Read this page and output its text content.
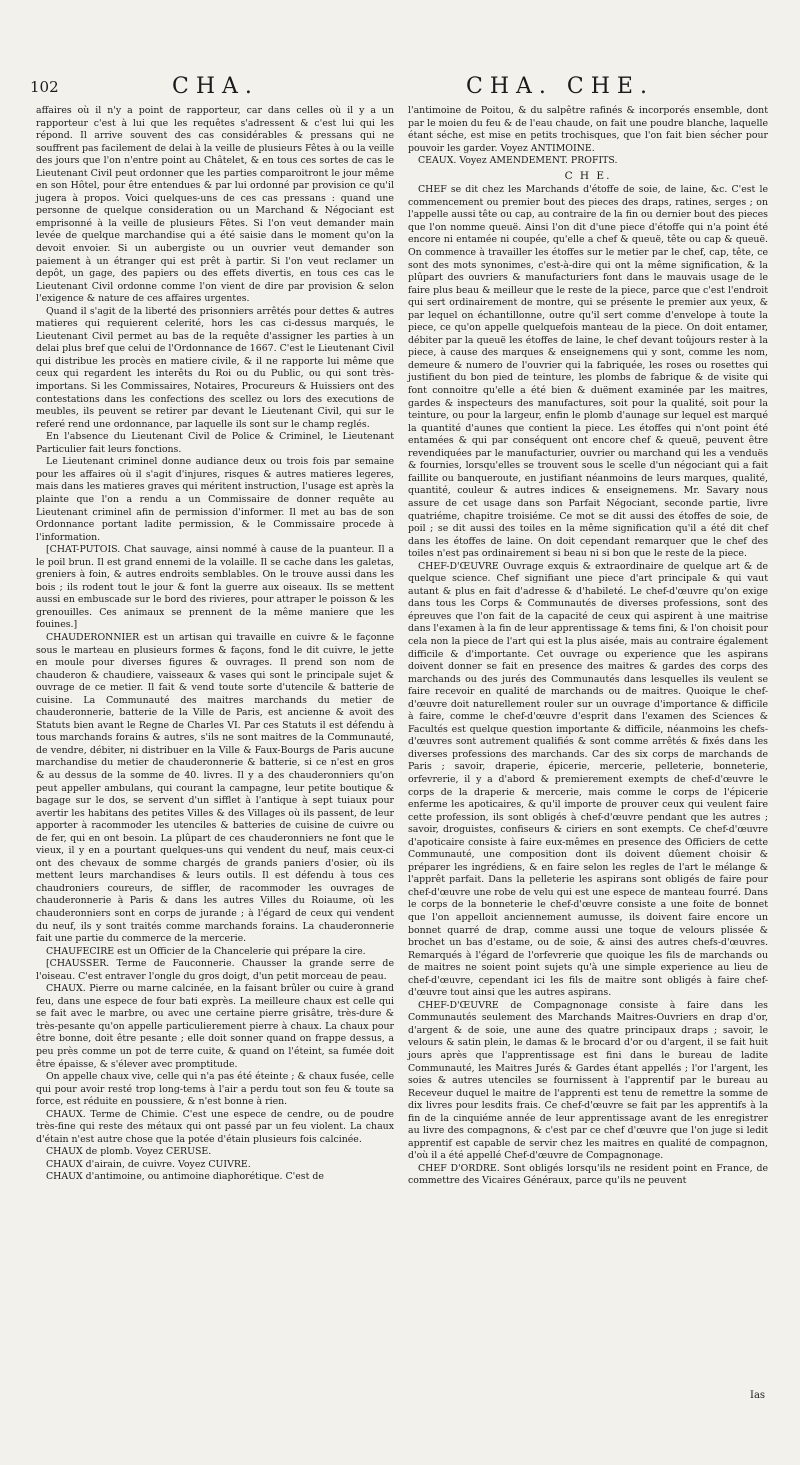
102	CHA.	CHA. CHE.

affaires où il n'y a point de rapporteur, car dans celles où il y a un rapporteur c'est à lui que les requêtes s'adressent & c'est lui qui les répond. Il arrive souvent des cas considérables & pressans qui ne souffrent pas facilement de delai à la veille de plusieurs Fêtes à ou la veille des jours que l'on n'entre point au Châtelet, & en tous ces sortes de cas le Lieutenant Civil peut ordonner que les parties comparoitront le jour même en son Hôtel, pour être entendues & par lui ordonné par provision ce qu'il jugera à propos. Voici quelques-uns de ces cas pressans : quand une personne de quelque consideration ou un Marchand & Négociant est emprisonné à la veille de plusieurs Fêtes. Si l'on veut demander main levée de quelque marchandise qui a été saisie dans le moment qu'on la devoit envoier. Si un aubergiste ou un ouvrier veut demander son paiement à un étranger qui est prêt à partir. Si l'on veut reclamer un depôt, un gage, des papiers ou des effets divertis, en tous ces cas le Lieutenant Civil ordonne comme l'on vient de dire par provision & selon l'exigence & nature de ces affaires urgentes.

Quand il s'agit de la liberté des prisonniers arrêtés pour dettes & autres matieres qui requierent celerité, hors les cas ci-dessus marqués, le Lieutenant Civil permet au bas de la requête d'assigner les parties à un delai plus bref que celui de l'Ordonnance de 1667. C'est le Lieutenant Civil qui distribue les procès en matiere civile, & il ne rapporte lui même que ceux qui regardent les interêts du Roi ou du Public, ou qui sont très-importans. Si les Commissaires, Notaires, Procureurs & Huissiers ont des contestations dans les confections des scellez ou lors des executions de meubles, ils peuvent se retirer par devant le Lieutenant Civil, qui sur le referé rend une ordonnance, par laquelle ils sont sur le champ reglés.

En l'absence du Lieutenant Civil de Police & Criminel, le Lieutenant Particulier fait leurs fonctions.

Le Lieutenant criminel donne audiance deux ou trois fois par semaine pour les affaires où il s'agit d'injures, risques & autres matieres legeres, mais dans les matieres graves qui méritent instruction, l'usage est après la plainte que l'on a rendu a un Commissaire de donner requête au Lieutenant criminel afin de permission d'informer. Il met au bas de son Ordonnance portant ladite permission, & le Commissaire procede à l'information.

[CHAT-PUTOIS. Chat sauvage, ainsi nommé à cause de la puanteur. Il a le poil brun. Il est grand ennemi de la volaille. Il se cache dans les galetas, greniers à foin, & autres endroits semblables. On le trouve aussi dans les bois ; ils rodent tout le jour & font la guerre aux oiseaux. Ils se mettent aussi en embuscade sur le bord des rivieres, pour attraper le poisson & les grenouilles. Ces animaux se prennent de la même maniere que les fouines.]

CHAUDERONNIER est un artisan qui travaille en cuivre & le façonne sous le marteau en plusieurs formes & façons, fond le dit cuivre, le jette en moule pour diverses figures & ouvrages. Il prend son nom de chauderon & chaudiere, vaisseaux & vases qui sont le principale sujet & ouvrage de ce metier. Il fait & vend toute sorte d'utencile & batterie de cuisine. La Communauté des maitres marchands du metier de chauderonnerie, batterie de la Ville de Paris, est ancienne & avoit des Statuts bien avant le Regne de Charles VI. Par ces Statuts il est défendu à tous marchands forains & autres, s'ils ne sont maitres de la Communauté, de vendre, débiter, ni distribuer en la Ville & Faux-Bourgs de Paris aucune marchandise du metier de chauderonnerie & batterie, si ce n'est en gros & au dessus de la somme de 40. livres. Il y a des chauderonniers qu'on peut appeller ambulans, qui courant la campagne, leur petite boutique & bagage sur le dos, se servent d'un sifflet à l'antique à sept tuiaux pour avertir les habitans des petites Villes & des Villages où ils passent, de leur apporter à racommoder les utenciles & batteries de cuisine de cuivre ou de fer, qui en ont besoin. La plûpart de ces chauderonniers ne font que le vieux, il y en a pourtant quelques-uns qui vendent du neuf, mais ceux-ci ont des chevaux de somme chargés de grands paniers d'osier, où ils mettent leurs marchandises & leurs outils. Il est défendu à tous ces chaudroniers coureurs, de siffler, de racommoder les ouvrages de chauderonnerie à Paris & dans les autres Villes du Roiaume, où les chauderonniers sont en corps de jurande ; à l'égard de ceux qui vendent du neuf, ils y sont traités comme marchands forains. La chauderonnerie fait une partie du commerce de la mercerie.

CHAUFECIRE est un Officier de la Chancelerie qui prépare la cire.

[CHAUSSER. Terme de Fauconnerie. Chausser la grande serre de l'oiseau. C'est entraver l'ongle du gros doigt, d'un petit morceau de peau.

CHAUX. Pierre ou marne calcinée, en la faisant brûler ou cuire à grand feu, dans une espece de four bati exprès. La meilleure chaux est celle qui se fait avec le marbre, ou avec une certaine pierre grisâtre, très-dure & très-pesante qu'on appelle particulierement pierre à chaux. La chaux pour être bonne, doit être pesante ; elle doit sonner quand on frappe dessus, a peu près comme un pot de terre cuite, & quand on l'éteint, sa fumée doit être épaisse, & s'élever avec promptitude.

On appelle chaux vive, celle qui n'a pas été éteinte ; & chaux fusée, celle qui pour avoir resté trop long-tems à l'air a perdu tout son feu & toute sa force, est réduite en poussiere, & n'est bonne à rien.

CHAUX. Terme de Chimie. C'est une espece de cendre, ou de poudre très-fine qui reste des métaux qui ont passé par un feu violent. La chaux d'étain n'est autre chose que la potée d'étain plusieurs fois calcinée.

CHAUX de plomb. Voyez CERUSE.

CHAUX d'airain, de cuivre. Voyez CUIVRE.

CHAUX d'antimoine, ou antimoine diaphorétique. C'est de

l'antimoine de Poitou, & du salpêtre rafinés & incorporés ensemble, dont par le moien du feu & de l'eau chaude, on fait une poudre blanche, laquelle étant séche, est mise en petits trochisques, que l'on fait bien sécher pour pouvoir les garder. Voyez ANTIMOINE.

CEAUX. Voyez AMENDEMENT. PROFITS.

C H E.

CHEF se dit chez les Marchands d'étoffe de soie, de laine, &c. C'est le commencement ou premier bout des pieces des draps, ratines, serges ; on l'appelle aussi tête ou cap, au contraire de la fin ou dernier bout des pieces que l'on nomme queuë. Ainsi l'on dit d'une piece d'étoffe qui n'a point été encore ni entamée ni coupée, qu'elle a chef & queuë, tête ou cap & queuë. On commence à travailler les étoffes sur le metier par le chef, cap, tête, ce sont des mots synonimes, c'est-à-dire qui ont la même signification, & la plûpart des ouvriers & manufacturiers font dans le mauvais usage de le faire plus beau & meilleur que le reste de la piece, parce que c'est l'endroit qui sert ordinairement de montre, qui se présente le premier aux yeux, & par lequel on échantillonne, outre qu'il sert comme d'envelope à toute la piece, ce qu'on appelle quelquefois manteau de la piece. On doit entamer, débiter par la queuë les étoffes de laine, le chef devant toûjours rester à la piece, à cause des marques & enseignemens qui y sont, comme les nom, demeure & numero de l'ouvrier qui la fabriquée, les roses ou rosettes qui justifient du bon pied de teinture, les plombs de fabrique & de visite qui font connoitre qu'elle a été bien & duëment examinée par les maitres, gardes & inspecteurs des manufactures, soit pour la qualité, soit pour la teinture, ou pour la largeur, enfin le plomb d'aunage sur lequel est marqué la quantité d'aunes que contient la piece. Les étoffes qui n'ont point été entamées & qui par conséquent ont encore chef & queuë, peuvent être revendiquées par le manufacturier, ouvrier ou marchand qui les a venduës & fournies, lorsqu'elles se trouvent sous le scelle d'un négociant qui a fait faillite ou banqueroute, en justifiant néanmoins de leurs marques, qualité, quantité, couleur & autres indices & enseignemens. Mr. Savary nous assure de cet usage dans son Parfait Négociant, seconde partie, livre quatriéme, chapitre troisiéme. Ce mot se dit aussi des étoffes de soie, de poil ; se dit aussi des toiles en la même signification qu'il a été dit chef dans les étoffes de laine. On doit cependant remarquer que le chef des toiles n'est pas ordinairement si beau ni si bon que le reste de la piece.

CHEF-D'ŒUVRE Ouvrage exquis & extraordinaire de quelque art & de quelque science. Chef signifiant une piece d'art principale & qui vaut autant & plus en fait d'adresse & d'habileté. Le chef-d'œuvre qu'on exige dans tous les Corps & Communautés de diverses professions, sont des épreuves que l'on fait de la capacité de ceux qui aspirent à une maitrise dans l'examen à la fin de leur apprentissage & tems fini, & l'on choisit pour cela non la piece de l'art qui est la plus aisée, mais au contraire également difficile & d'importante. Cet ouvrage ou experience que les aspirans doivent donner se fait en presence des maitres & gardes des corps des marchands ou des jurés des Communautés dans lesquelles ils veulent se faire recevoir en qualité de marchands ou de maitres. Quoique le chef-d'œuvre doit naturellement rouler sur un ouvrage d'importance & difficile à faire, comme le chef-d'œuvre d'esprit dans l'examen des Sciences & Facultés est quelque question importante & difficile, néanmoins les chefs-d'œuvres sont autrement qualifiés & sont comme arrêtés & fixés dans les diverses professions des marchands. Car des six corps de marchands de Paris ; savoir, draperie, épicerie, mercerie, pelleterie, bonneterie, orfevrerie, il y a d'abord & premierement exempts de chef-d'œuvre le corps de la draperie & mercerie, mais comme le corps de l'épicerie enferme les apoticaires, & qu'il importe de prouver ceux qui veulent faire cette profession, ils sont obligés à chef-d'œuvre pendant que les autres ; savoir, droguistes, confiseurs & ciriers en sont exempts. Ce chef-d'œuvre d'apoticaire consiste à faire eux-mêmes en presence des Officiers de cette Communauté, une composition dont ils doivent dûement choisir & préparer les ingrédiens, & en faire selon les regles de l'art le mélange & l'apprêt parfait. Dans la pelleterie les aspirans sont obligés de faire pour chef-d'œuvre une robe de velu qui est une espece de manteau fourré. Dans le corps de la bonneterie le chef-d'œuvre consiste a une foite de bonnet que l'on appelloit anciennement aumusse, ils doivent faire encore un bonnet quarré de drap, comme aussi une toque de velours plissée & brochet un bas d'estame, ou de soie, & ainsi des autres chefs-d'œuvres. Remarqués à l'égard de l'orfevrerie que quoique les fils de marchands ou de maitres ne soient point sujets qu'à une simple experience au lieu de chef-d'œuvre, cependant ici les fils de maitre sont obligés à faire chef-d'œuvre tout ainsi que les autres aspirans.

CHEF-D'ŒUVRE de Compagnonage consiste à faire dans les Communautés seulement des Marchands Maitres-Ouvriers en drap d'or, d'argent & de soie, une aune des quatre principaux draps ; savoir, le velours & satin plein, le damas & le brocard d'or ou d'argent, il se fait huit jours après que l'apprentissage est fini dans le bureau de ladite Communauté, les Maitres Jurés & Gardes étant appellés ; l'or l'argent, les soies & autres utenciles se fournissent à l'apprentif par le bureau au Receveur duquel le maitre de l'apprenti est tenu de remettre la somme de dix livres pour lesdits frais. Ce chef-d'œuvre se fait par les apprentifs à la fin de la cinquiéme année de leur apprentissage avant de les enregistrer au livre des compagnons, & c'est par ce chef d'œuvre que l'on juge si ledit apprentif est capable de servir chez les maitres en qualité de compagnon, d'où il a été appellé Chef-d'œuvre de Compagnonage.

CHEF D'ORDRE. Sont obligés lorsqu'ils ne resident point en France, de commettre des Vicaires Généraux, parce qu'ils ne peuvent

Ias
